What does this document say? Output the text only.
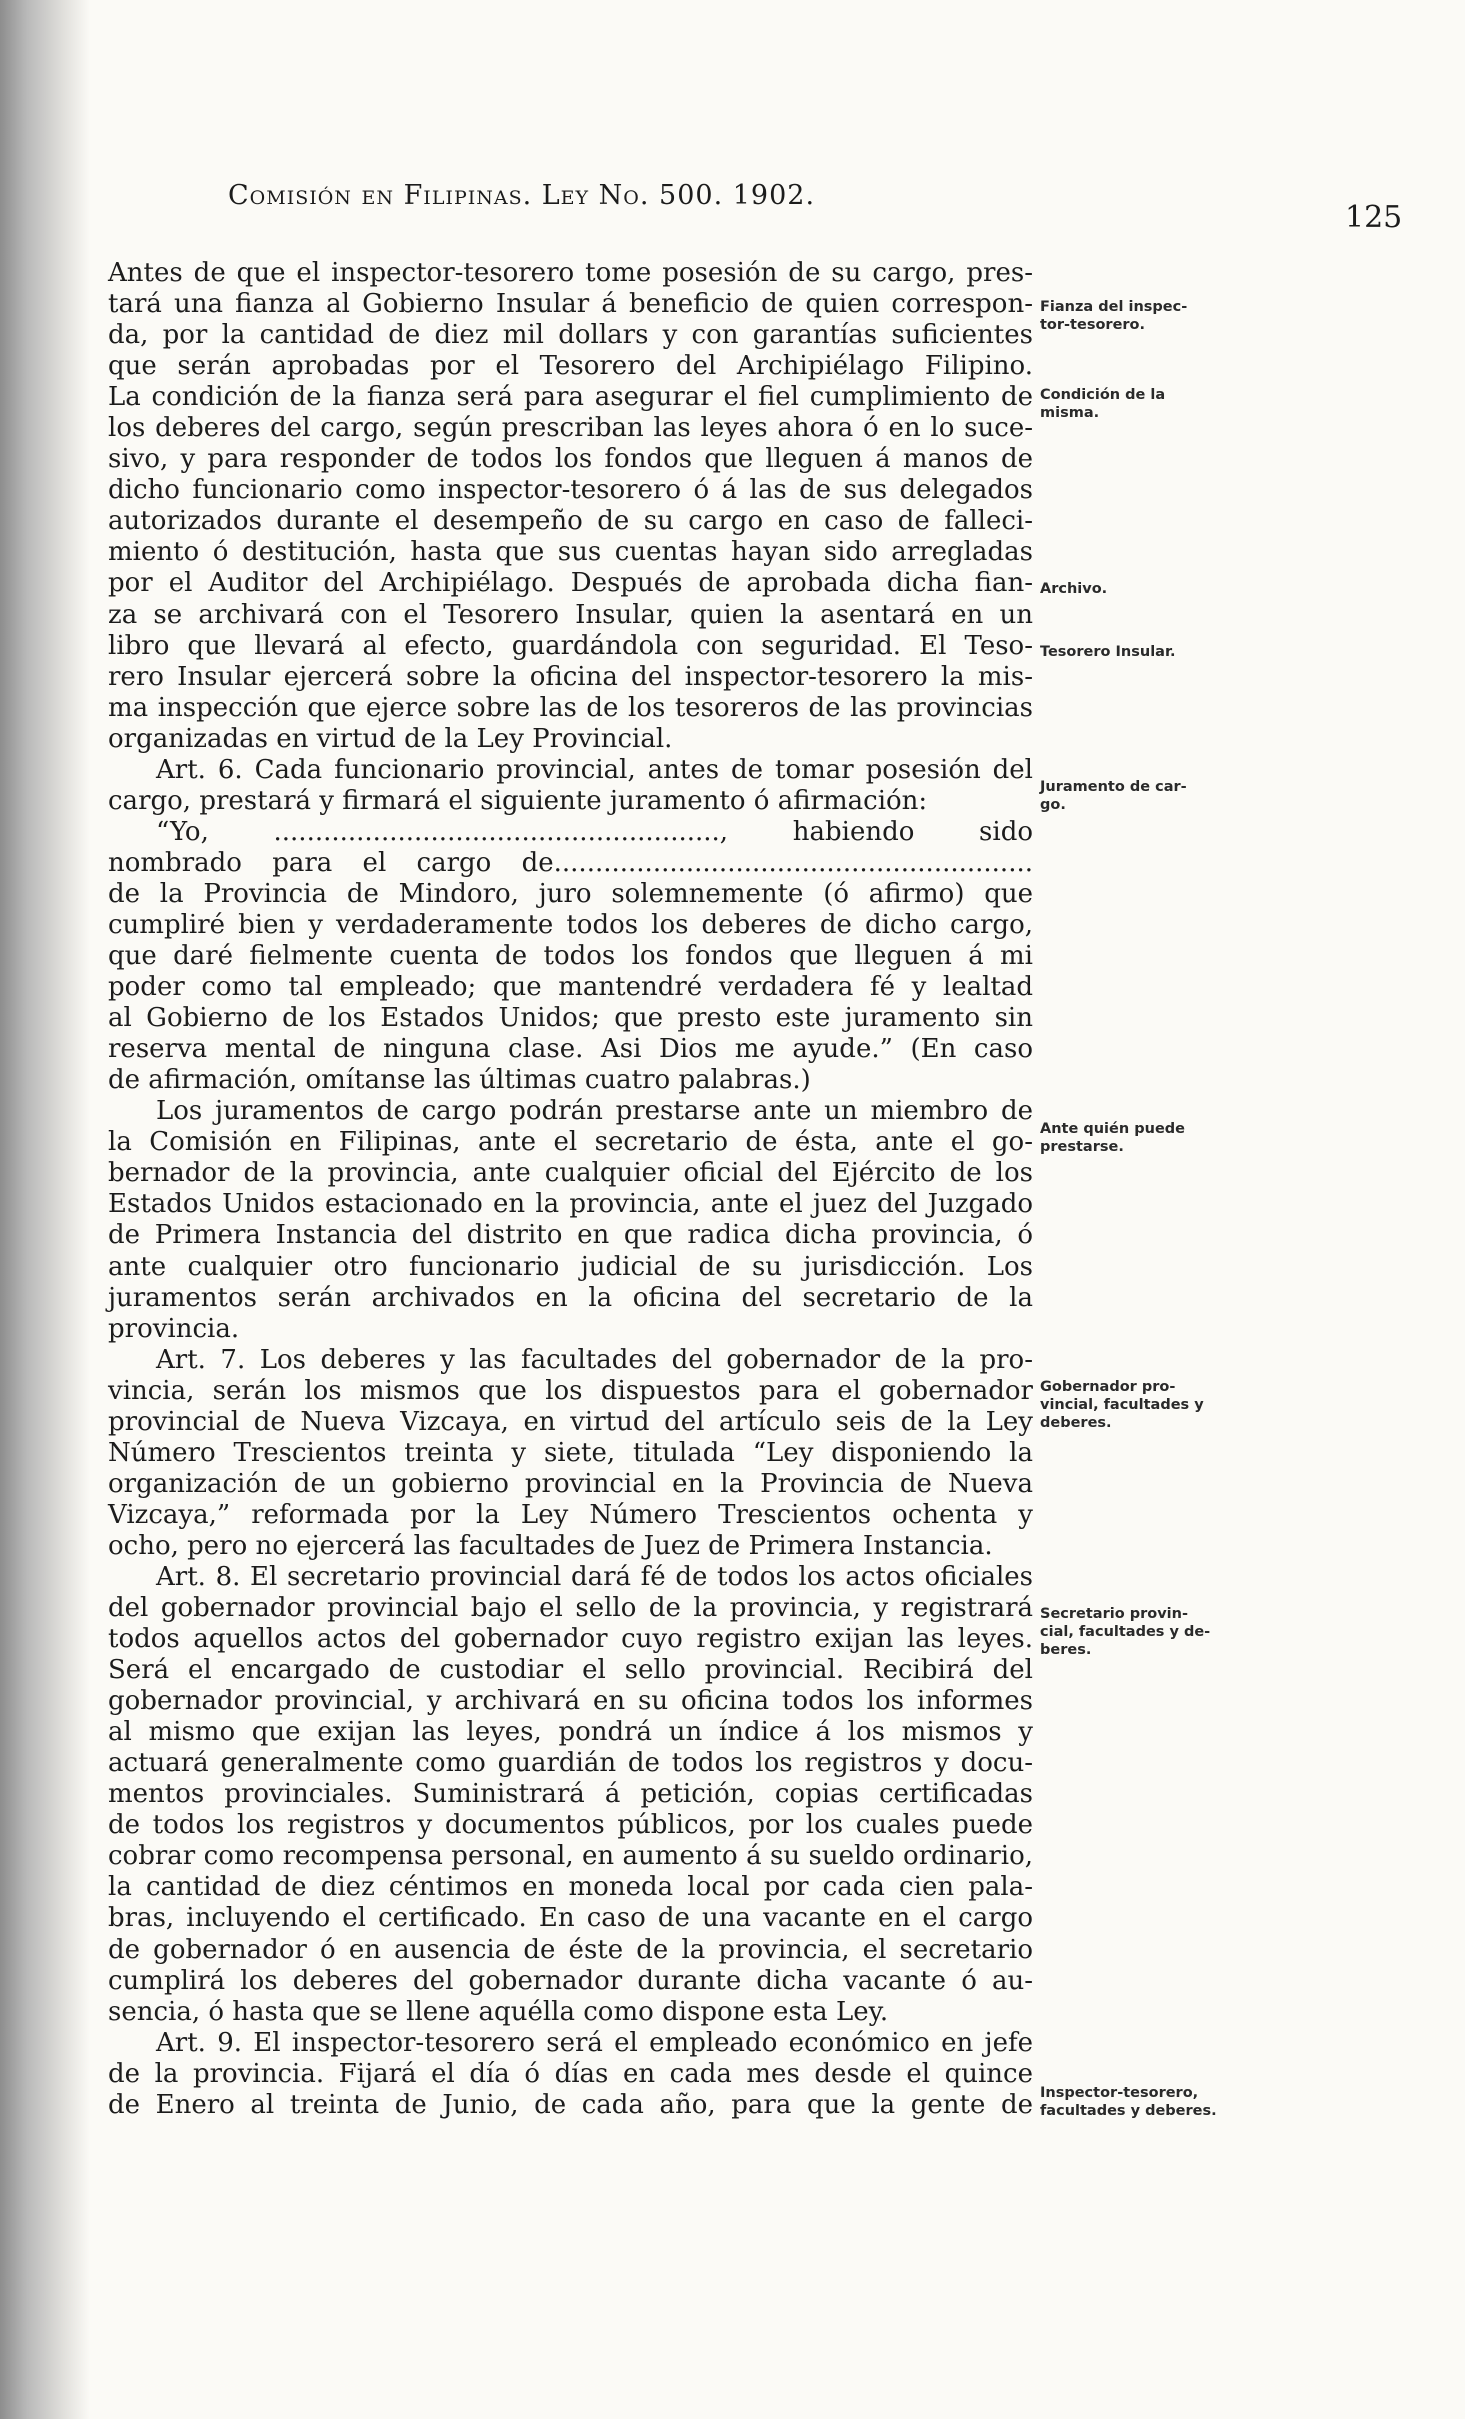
Comisión en Filipinas. Ley No. 500. 1902.
125
Antes de que el inspector-tesorero tome posesión de su cargo, pres-
tará una fianza al Gobierno Insular á beneficio de quien correspon-
da, por la cantidad de diez mil dollars y con garantías suficientes
que serán aprobadas por el Tesorero del Archipiélago Filipino.
La condición de la fianza será para asegurar el fiel cumplimiento de
los deberes del cargo, según prescriban las leyes ahora ó en lo suce-
sivo, y para responder de todos los fondos que lleguen á manos de
dicho funcionario como inspector-tesorero ó á las de sus delegados
autorizados durante el desempeño de su cargo en caso de falleci-
miento ó destitución, hasta que sus cuentas hayan sido arregladas
por el Auditor del Archipiélago. Después de aprobada dicha fian-
za se archivará con el Tesorero Insular, quien la asentará en un
libro que llevará al efecto, guardándola con seguridad. El Teso-
rero Insular ejercerá sobre la oficina del inspector-tesorero la mis-
ma inspección que ejerce sobre las de los tesoreros de las provincias
organizadas en virtud de la Ley Provincial.
Art. 6. Cada funcionario provincial, antes de tomar posesión del
cargo, prestará y firmará el siguiente juramento ó afirmación:
“Yo, ......................................................, habiendo sido
nombrado para el cargo de..........................................................
de la Provincia de Mindoro, juro solemnemente (ó afirmo) que
cumpliré bien y verdaderamente todos los deberes de dicho cargo,
que daré fielmente cuenta de todos los fondos que lleguen á mi
poder como tal empleado; que mantendré verdadera fé y lealtad
al Gobierno de los Estados Unidos; que presto este juramento sin
reserva mental de ninguna clase. Asi Dios me ayude.” (En caso
de afirmación, omítanse las últimas cuatro palabras.)
Los juramentos de cargo podrán prestarse ante un miembro de
la Comisión en Filipinas, ante el secretario de ésta, ante el go-
bernador de la provincia, ante cualquier oficial del Ejército de los
Estados Unidos estacionado en la provincia, ante el juez del Juzgado
de Primera Instancia del distrito en que radica dicha provincia, ó
ante cualquier otro funcionario judicial de su jurisdicción. Los
juramentos serán archivados en la oficina del secretario de la
provincia.
Art. 7. Los deberes y las facultades del gobernador de la pro-
vincia, serán los mismos que los dispuestos para el gobernador
provincial de Nueva Vizcaya, en virtud del artículo seis de la Ley
Número Trescientos treinta y siete, titulada “Ley disponiendo la
organización de un gobierno provincial en la Provincia de Nueva
Vizcaya,” reformada por la Ley Número Trescientos ochenta y
ocho, pero no ejercerá las facultades de Juez de Primera Instancia.
Art. 8. El secretario provincial dará fé de todos los actos oficiales
del gobernador provincial bajo el sello de la provincia, y registrará
todos aquellos actos del gobernador cuyo registro exijan las leyes.
Será el encargado de custodiar el sello provincial. Recibirá del
gobernador provincial, y archivará en su oficina todos los informes
al mismo que exijan las leyes, pondrá un índice á los mismos y
actuará generalmente como guardián de todos los registros y docu-
mentos provinciales. Suministrará á petición, copias certificadas
de todos los registros y documentos públicos, por los cuales puede
cobrar como recompensa personal, en aumento á su sueldo ordinario,
la cantidad de diez céntimos en moneda local por cada cien pala-
bras, incluyendo el certificado. En caso de una vacante en el cargo
de gobernador ó en ausencia de éste de la provincia, el secretario
cumplirá los deberes del gobernador durante dicha vacante ó au-
sencia, ó hasta que se llene aquélla como dispone esta Ley.
Art. 9. El inspector-tesorero será el empleado económico en jefe
de la provincia. Fijará el día ó días en cada mes desde el quince
de Enero al treinta de Junio, de cada año, para que la gente de
Fianza del inspec-
tor-tesorero.
Condición de la
misma.
Archivo.
Tesorero Insular.
Juramento de car-
go.
Ante quién puede
prestarse.
Gobernador pro-
vincial, facultades y
deberes.
Secretario provin-
cial, facultades y de-
beres.
Inspector-tesorero,
facultades y deberes.
